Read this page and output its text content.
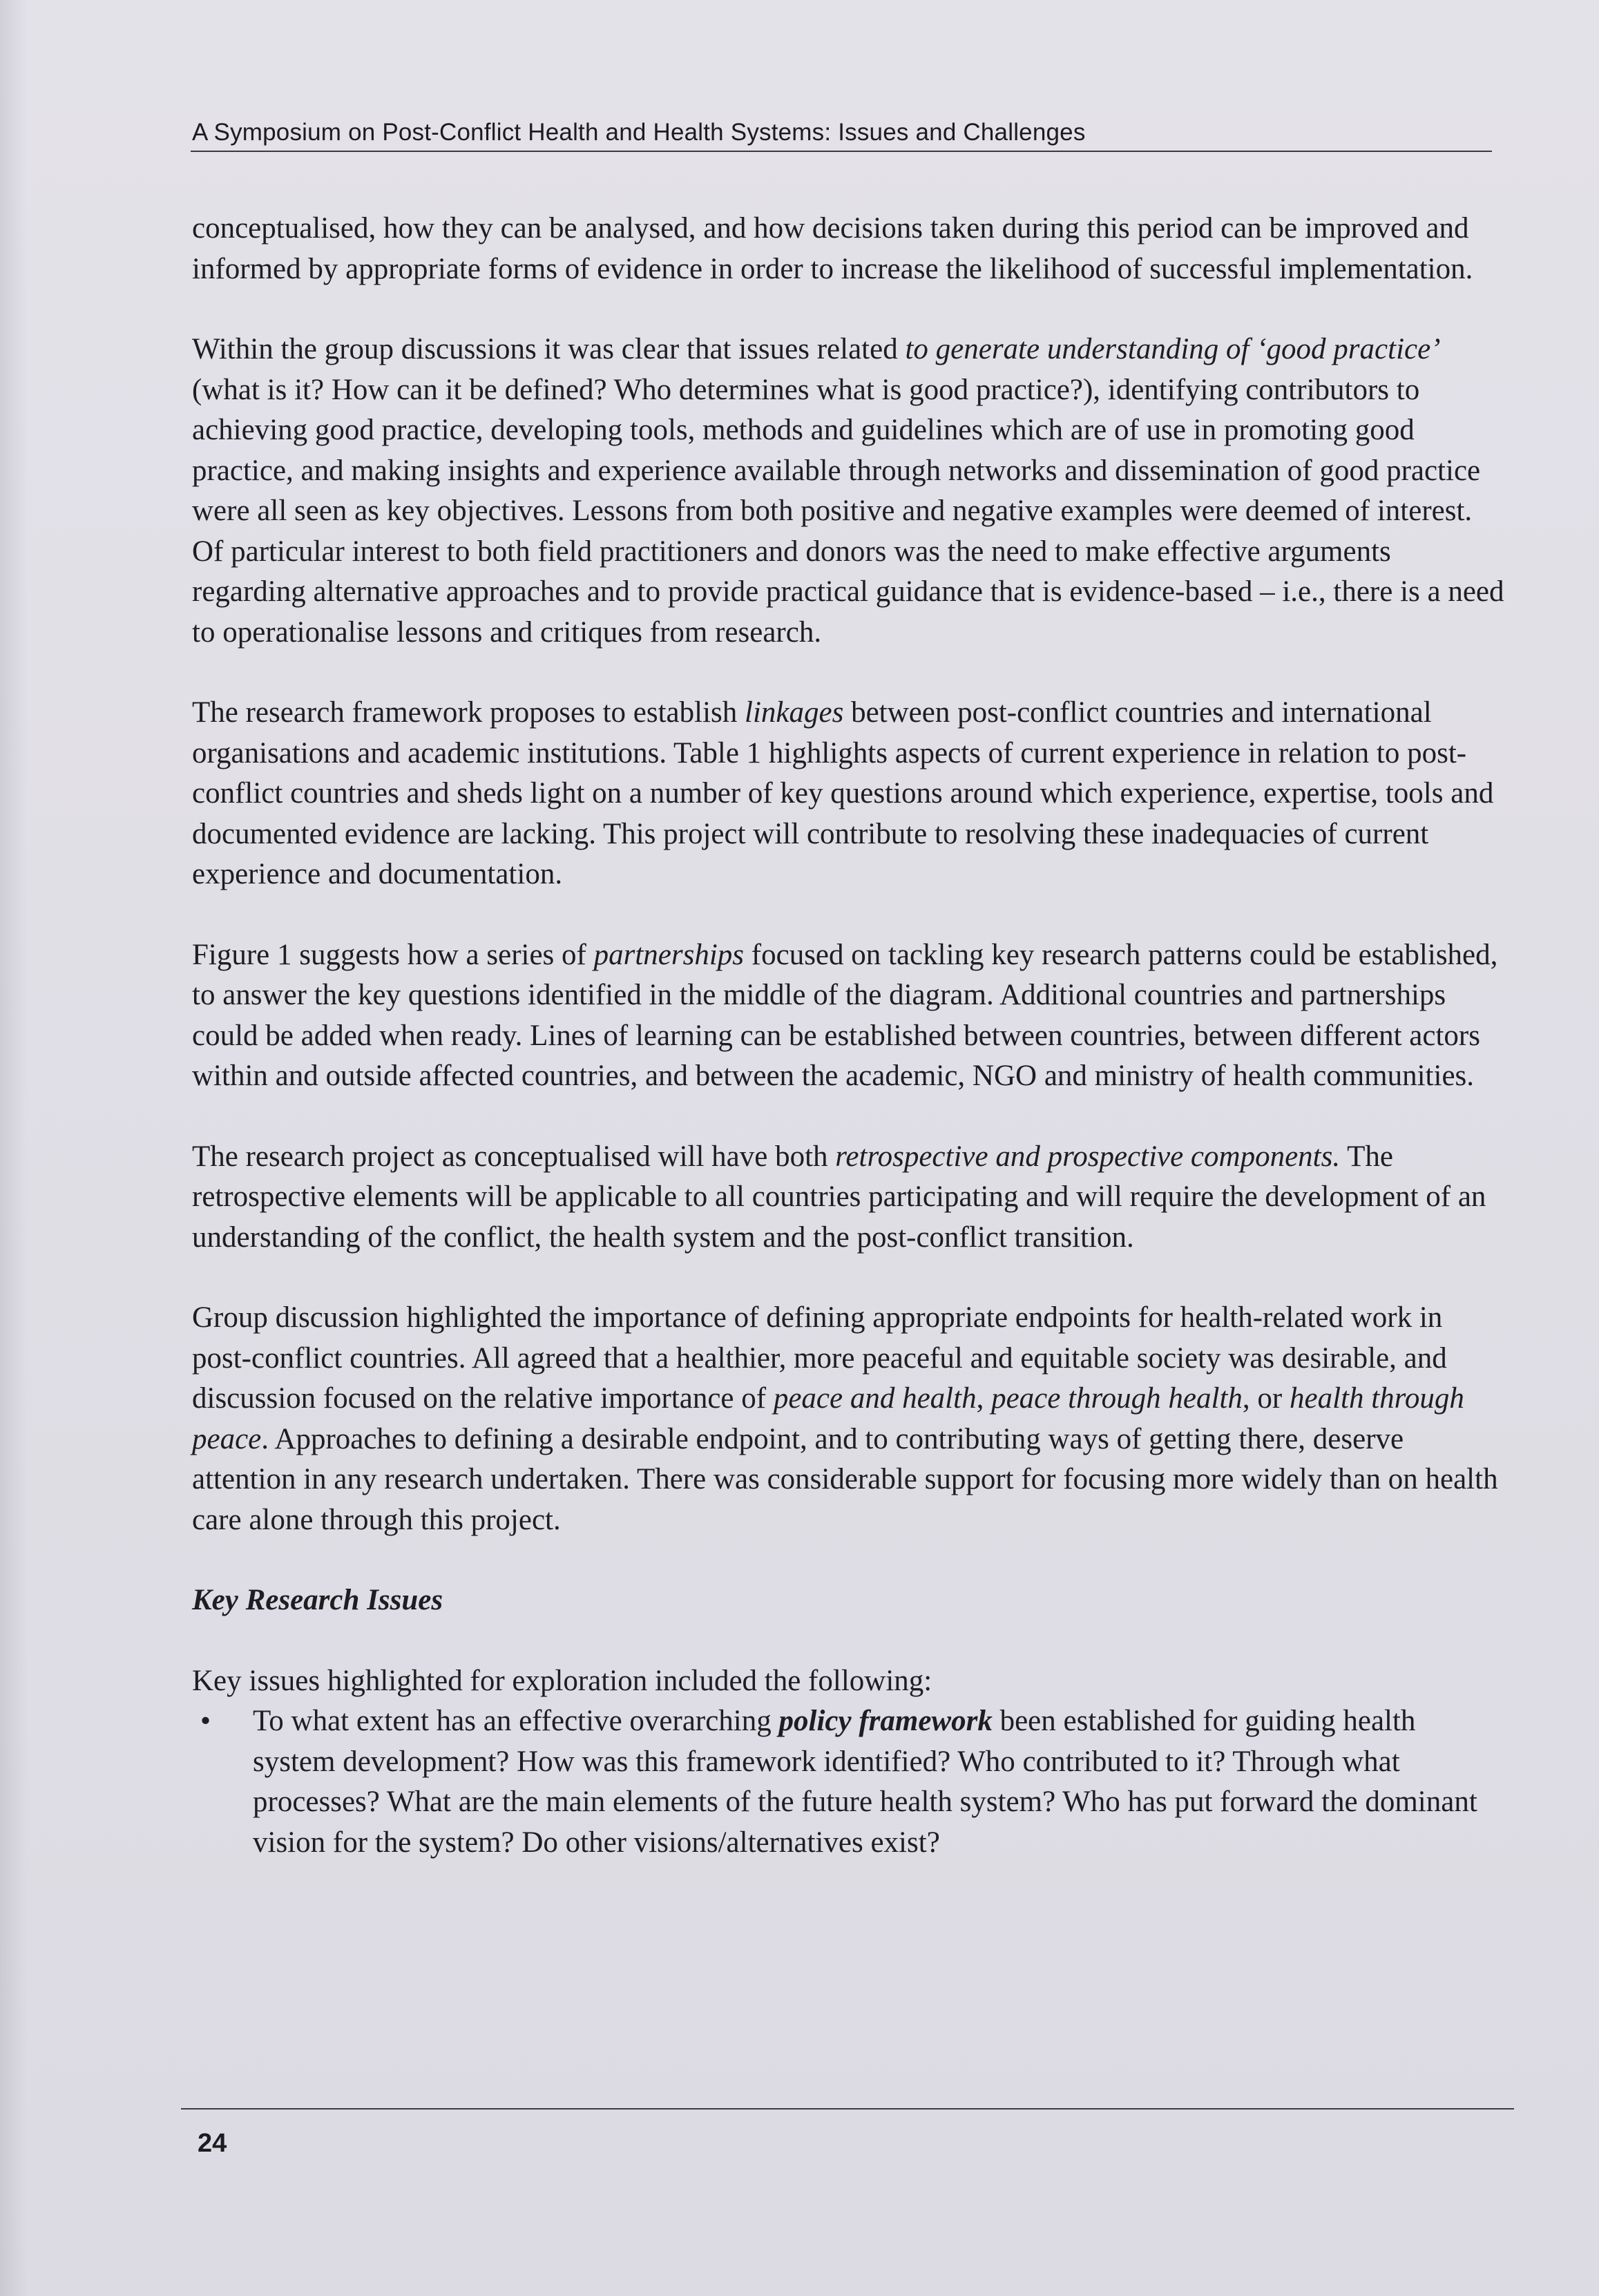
A Symposium on Post-Conflict Health and Health Systems: Issues and Challenges

conceptualised, how they can be analysed, and how decisions taken during this period can be improved and informed by appropriate forms of evidence in order to increase the likelihood of successful implementation.

Within the group discussions it was clear that issues related to generate understanding of ‘good practice’ (what is it? How can it be defined? Who determines what is good practice?), identifying contributors to achieving good practice, developing tools, methods and guidelines which are of use in promoting good practice, and making insights and experience available through networks and dissemination of good practice were all seen as key objectives. Lessons from both positive and negative examples were deemed of interest. Of particular interest to both field practitioners and donors was the need to make effective arguments regarding alternative approaches and to provide practical guidance that is evidence-based – i.e., there is a need to operationalise lessons and critiques from research.

The research framework proposes to establish linkages between post-conflict countries and international organisations and academic institutions. Table 1 highlights aspects of current experience in relation to post-conflict countries and sheds light on a number of key questions around which experience, expertise, tools and documented evidence are lacking. This project will contribute to resolving these inadequacies of current experience and documentation.

Figure 1 suggests how a series of partnerships focused on tackling key research patterns could be established, to answer the key questions identified in the middle of the diagram. Additional countries and partnerships could be added when ready. Lines of learning can be established between countries, between different actors within and outside affected countries, and between the academic, NGO and ministry of health communities.

The research project as conceptualised will have both retrospective and prospective components. The retrospective elements will be applicable to all countries participating and will require the development of an understanding of the conflict, the health system and the post-conflict transition.

Group discussion highlighted the importance of defining appropriate endpoints for health-related work in post-conflict countries. All agreed that a healthier, more peaceful and equitable society was desirable, and discussion focused on the relative importance of peace and health, peace through health, or health through peace. Approaches to defining a desirable endpoint, and to contributing ways of getting there, deserve attention in any research undertaken. There was considerable support for focusing more widely than on health care alone through this project.

Key Research Issues

Key issues highlighted for exploration included the following:

• To what extent has an effective overarching policy framework been established for guiding health system development? How was this framework identified? Who contributed to it? Through what processes? What are the main elements of the future health system? Who has put forward the dominant vision for the system? Do other visions/alternatives exist?
24
